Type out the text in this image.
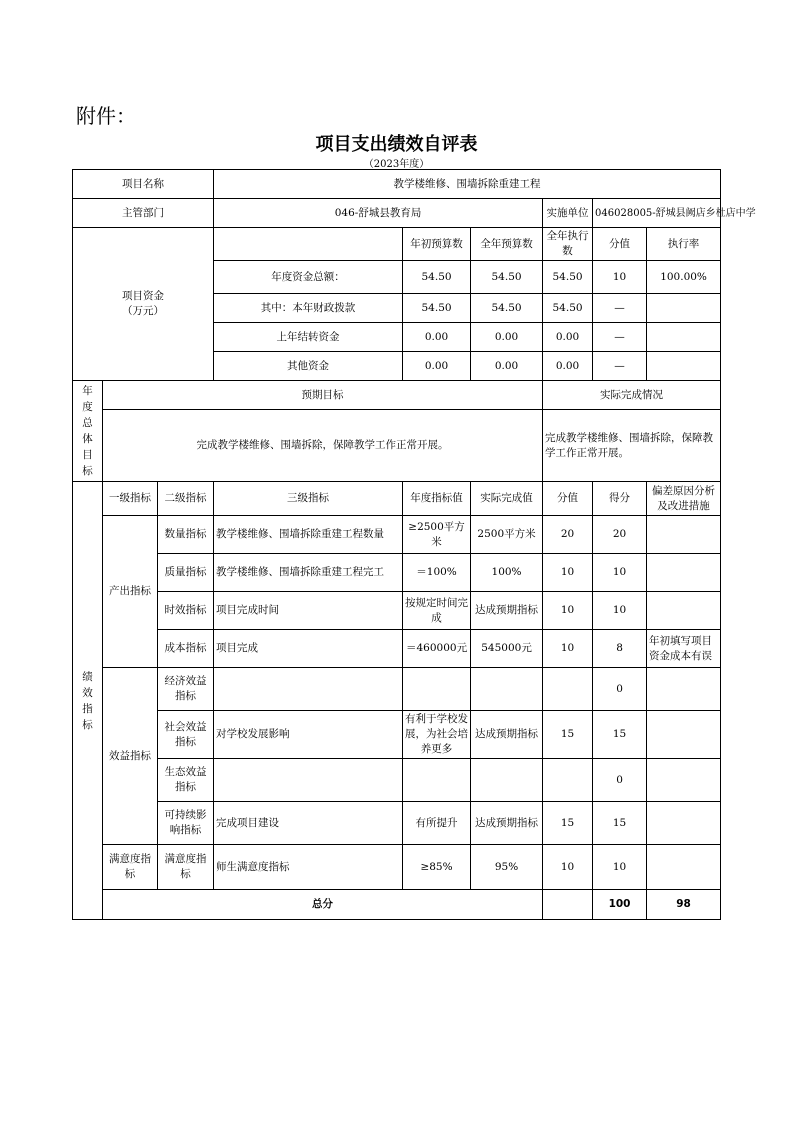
附件：
项目支出绩效自评表
（2023年度）
项目名称			教学楼维修、围墙拆除重建工程						
主管部门			046-舒城县教育局			实施单位	046028005-舒城县阙店乡杜店中学		

项目资金
（万元）				年初预算数	全年预算数	全年执行数	分值	执行率	
			年度资金总额：	54.50	54.50	54.50	10	100.00%	
			其中：本年财政拨款	54.50	54.50	54.50	—		
			上年结转资金	0.00	0.00	0.00	—		
			其他资金	0.00	0.00	0.00	—		

年度总体目标	预期目标					实际完成情况			
	完成教学楼维修、围墙拆除，保障教学工作正常开展。					完成教学楼维修、围墙拆除，保障教学工作正常开展。			

绩效指标	一级指标	二级指标	三级指标	年度指标值	实际完成值	分值	得分	偏差原因分析及改进措施	
	产出指标	数量指标	教学楼维修、围墙拆除重建工程数量	≥2500平方米	2500平方米	20	20		
		质量指标	教学楼维修、围墙拆除重建工程完工	＝100%	100%	10	10		
		时效指标	项目完成时间	按规定时间完成	达成预期指标	10	10		
		成本指标	项目完成	＝460000元	545000元	10	8	年初填写项目资金成本有误	
	效益指标	经济效益指标					0		
		社会效益指标	对学校发展影响	有利于学校发展，为社会培养更多	达成预期指标	15	15		
		生态效益指标					0		
		可持续影响指标	完成项目建设	有所提升	达成预期指标	15	15		
	满意度指标	满意度指标	师生满意度指标	≥85%	95%	10	10		
	总分						100	98	
